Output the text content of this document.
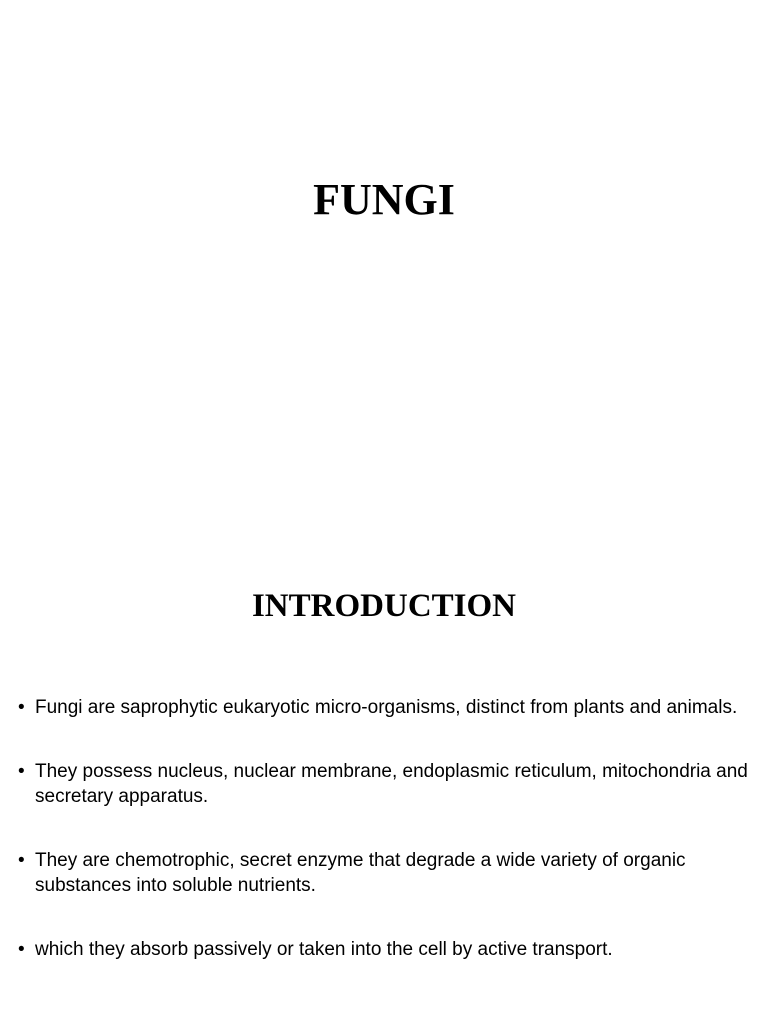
FUNGI
INTRODUCTION
• Fungi are saprophytic eukaryotic micro-organisms, distinct from plants and animals.
• They possess nucleus, nuclear membrane, endoplasmic reticulum, mitochondria and secretary apparatus.
• They are chemotrophic, secret enzyme that degrade a wide variety of organic substances into soluble nutrients.
• which they absorb passively or taken into the cell by active transport.
